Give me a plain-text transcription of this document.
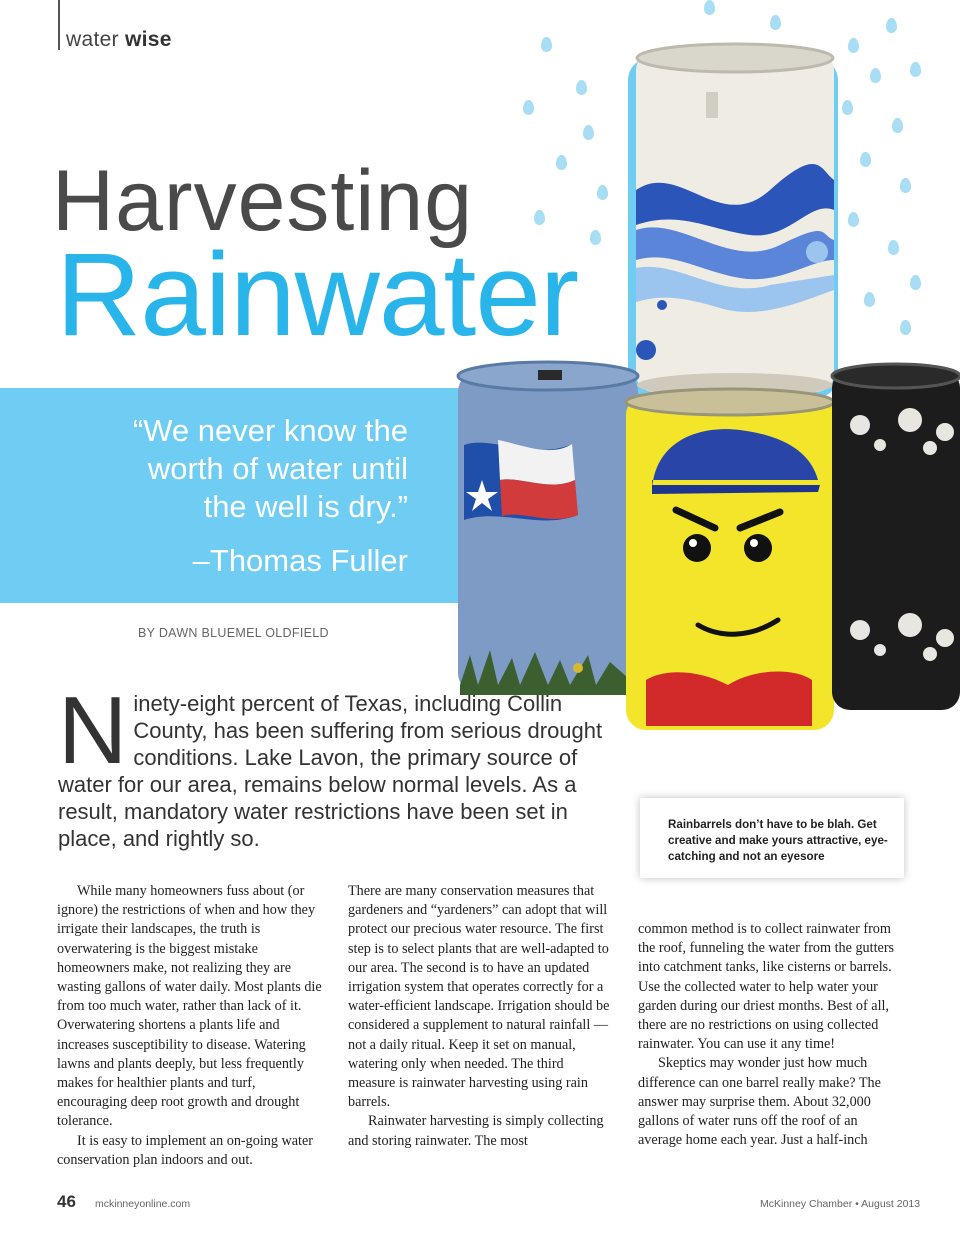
water wise
Harvesting
Rainwater
“We never know the
worth of water until
the well is dry.”
–Thomas Fuller
BY DAWN BLUEMEL OLDFIELD
Ninety-eight percent of Texas, including Collin County, has been suffering from serious drought conditions. Lake Lavon, the primary source of water for our area, remains below normal levels. As a result, mandatory water restrictions have been set in place, and rightly so.
Rainbarrels don’t have to be blah. Get creative and make yours attractive, eye-catching and not an eyesore

While many homeowners fuss about (or ignore) the restrictions of when and how they irrigate their landscapes, the truth is overwatering is the biggest mistake homeowners make, not realizing they are wasting gallons of water daily. Most plants die from too much water, rather than lack of it. Overwatering shortens a plants life and increases susceptibility to disease. Watering lawns and plants deeply, but less frequently makes for healthier plants and turf, encouraging deep root growth and drought tolerance.

It is easy to implement an on-going water conservation plan indoors and out.

There are many conservation measures that gardeners and “yardeners” can adopt that will protect our precious water resource. The first step is to select plants that are well-adapted to our area. The second is to have an updated irrigation system that operates correctly for a water-efficient landscape. Irrigation should be considered a supplement to natural rainfall — not a daily ritual. Keep it set on manual, watering only when needed. The third measure is rainwater harvesting using rain barrels.

Rainwater harvesting is simply collecting and storing rainwater. The most

common method is to collect rainwater from the roof, funneling the water from the gutters into catchment tanks, like cisterns or barrels. Use the collected water to help water your garden during our driest months. Best of all, there are no restrictions on using collected rainwater. You can use it any time!

Skeptics may wonder just how much difference can one barrel really make? The answer may surprise them. About 32,000 gallons of water runs off the roof of an average home each year. Just a half-inch

46 mckinneyonline.com	McKinney Chamber • August 2013
